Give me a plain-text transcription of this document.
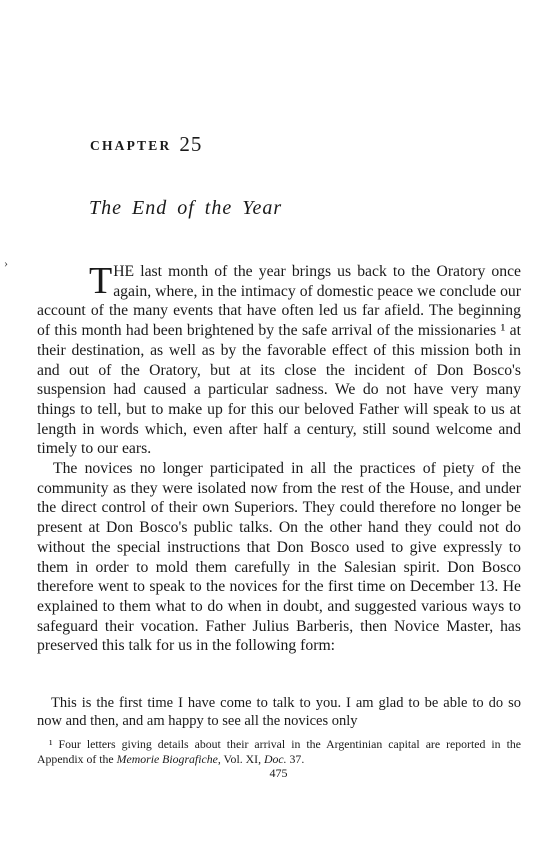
CHAPTER 25
The End of the Year
› THE last month of the year brings us back to the Oratory once again, where, in the intimacy of domestic peace we conclude our account of the many events that have often led us far afield. The beginning of this month had been brightened by the safe arrival of the missionaries ¹ at their destination, as well as by the favorable effect of this mission both in and out of the Oratory, but at its close the incident of Don Bosco's suspension had caused a particular sadness. We do not have very many things to tell, but to make up for this our beloved Father will speak to us at length in words which, even after half a century, still sound welcome and timely to our ears.

The novices no longer participated in all the practices of piety of the community as they were isolated now from the rest of the House, and under the direct control of their own Superiors. They could therefore no longer be present at Don Bosco's public talks. On the other hand they could not do without the special instructions that Don Bosco used to give expressly to them in order to mold them carefully in the Salesian spirit. Don Bosco therefore went to speak to the novices for the first time on December 13. He explained to them what to do when in doubt, and suggested various ways to safeguard their vocation. Father Julius Barberis, then Novice Master, has preserved this talk for us in the following form:

This is the first time I have come to talk to you. I am glad to be able to do so now and then, and am happy to see all the novices only

¹ Four letters giving details about their arrival in the Argentinian capital are reported in the Appendix of the Memorie Biografiche, Vol. XI, Doc. 37.

475
